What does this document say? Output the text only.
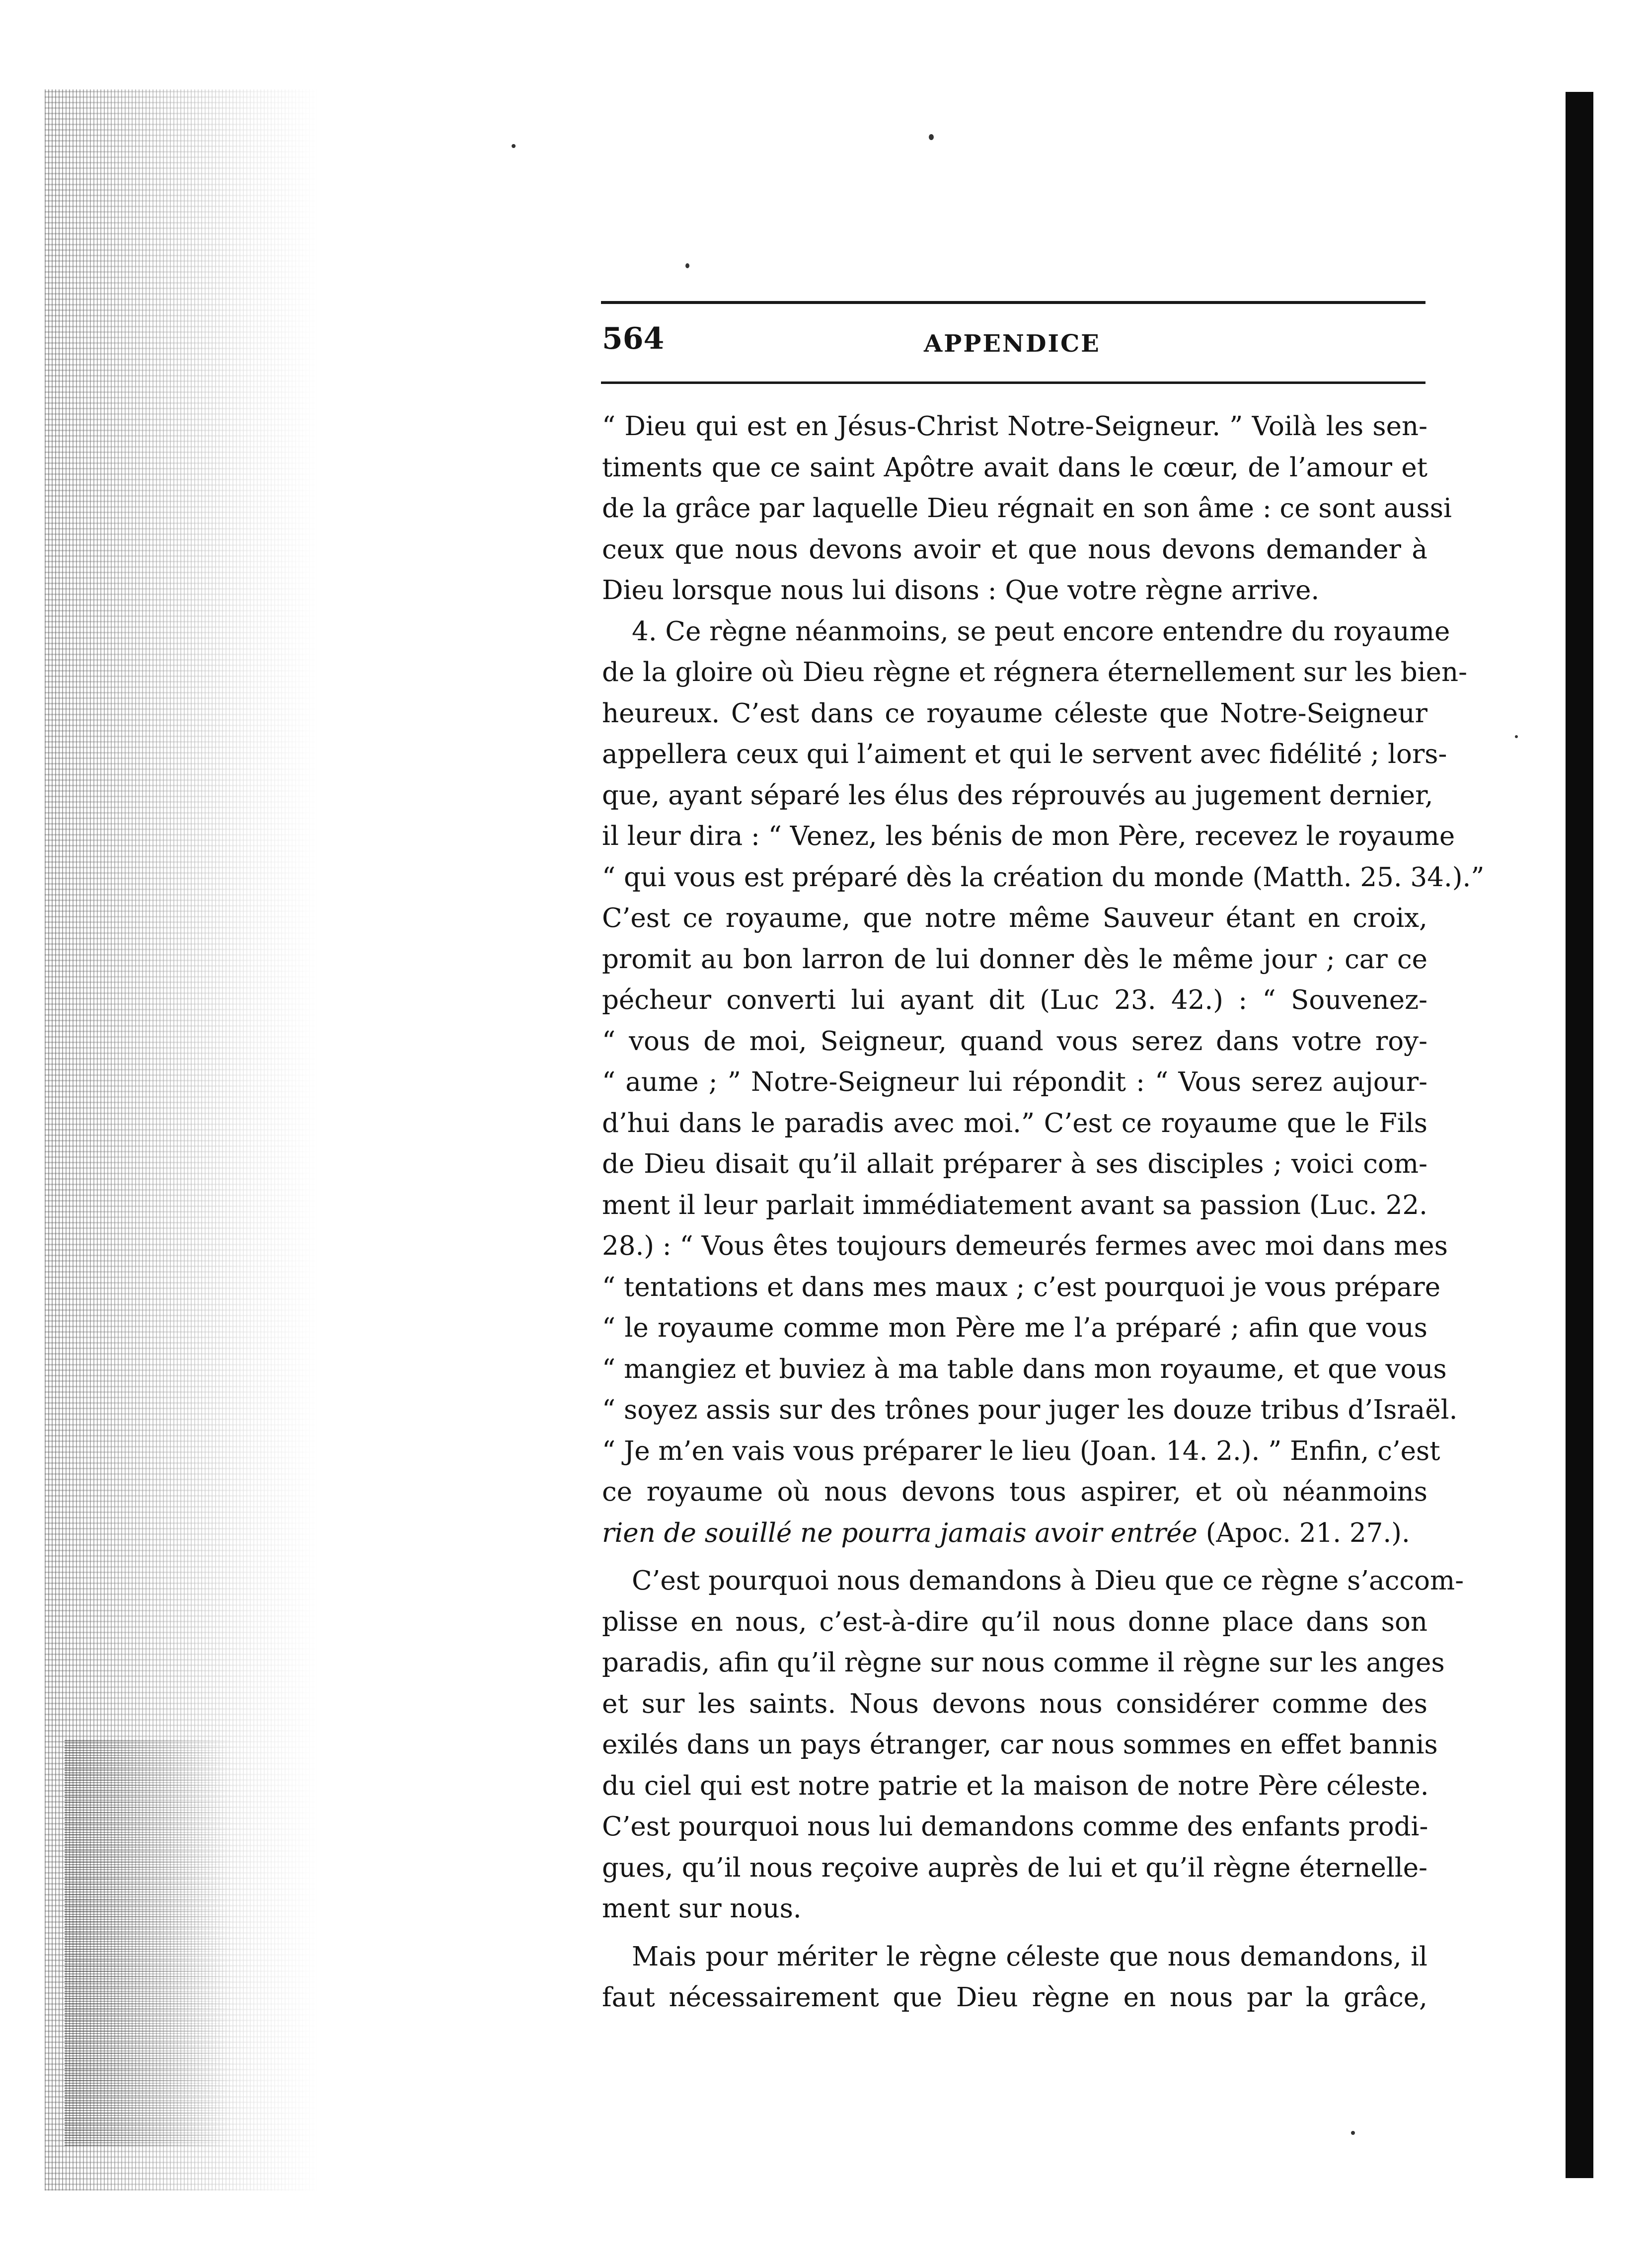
564	APPENDICE
“ Dieu qui est en Jésus-Christ Notre-Seigneur. ” Voilà les sen-
timents que ce saint Apôtre avait dans le cœur, de l’amour et
de la grâce par laquelle Dieu régnait en son âme : ce sont aussi
ceux que nous devons avoir et que nous devons demander à
Dieu lorsque nous lui disons : Que votre règne arrive.
4. Ce règne néanmoins, se peut encore entendre du royaume
de la gloire où Dieu règne et régnera éternellement sur les bien-
heureux. C’est dans ce royaume céleste que Notre-Seigneur
appellera ceux qui l’aiment et qui le servent avec fidélité ; lors-
que, ayant séparé les élus des réprouvés au jugement dernier,
il leur dira : “ Venez, les bénis de mon Père, recevez le royaume
“ qui vous est préparé dès la création du monde (Matth. 25. 34.).”
C’est ce royaume, que notre même Sauveur étant en croix,
promit au bon larron de lui donner dès le même jour ; car ce
pécheur converti lui ayant dit (Luc 23. 42.) : “ Souvenez-
“ vous de moi, Seigneur, quand vous serez dans votre roy-
“ aume ; ” Notre-Seigneur lui répondit : “ Vous serez aujour-
d’hui dans le paradis avec moi.” C’est ce royaume que le Fils
de Dieu disait qu’il allait préparer à ses disciples ; voici com-
ment il leur parlait immédiatement avant sa passion (Luc. 22.
28.) : “ Vous êtes toujours demeurés fermes avec moi dans mes
“ tentations et dans mes maux ; c’est pourquoi je vous prépare
“ le royaume comme mon Père me l’a préparé ; afin que vous
“ mangiez et buviez à ma table dans mon royaume, et que vous
“ soyez assis sur des trônes pour juger les douze tribus d’Israël.
“ Je m’en vais vous préparer le lieu (Joan. 14. 2.). ” Enfin, c’est
ce royaume où nous devons tous aspirer, et où néanmoins
rien de souillé ne pourra jamais avoir entrée (Apoc. 21. 27.).
C’est pourquoi nous demandons à Dieu que ce règne s’accom-
plisse en nous, c’est-à-dire qu’il nous donne place dans son
paradis, afin qu’il règne sur nous comme il règne sur les anges
et sur les saints. Nous devons nous considérer comme des
exilés dans un pays étranger, car nous sommes en effet bannis
du ciel qui est notre patrie et la maison de notre Père céleste.
C’est pourquoi nous lui demandons comme des enfants prodi-
gues, qu’il nous reçoive auprès de lui et qu’il règne éternelle-
ment sur nous.
Mais pour mériter le règne céleste que nous demandons, il
faut nécessairement que Dieu règne en nous par la grâce,
